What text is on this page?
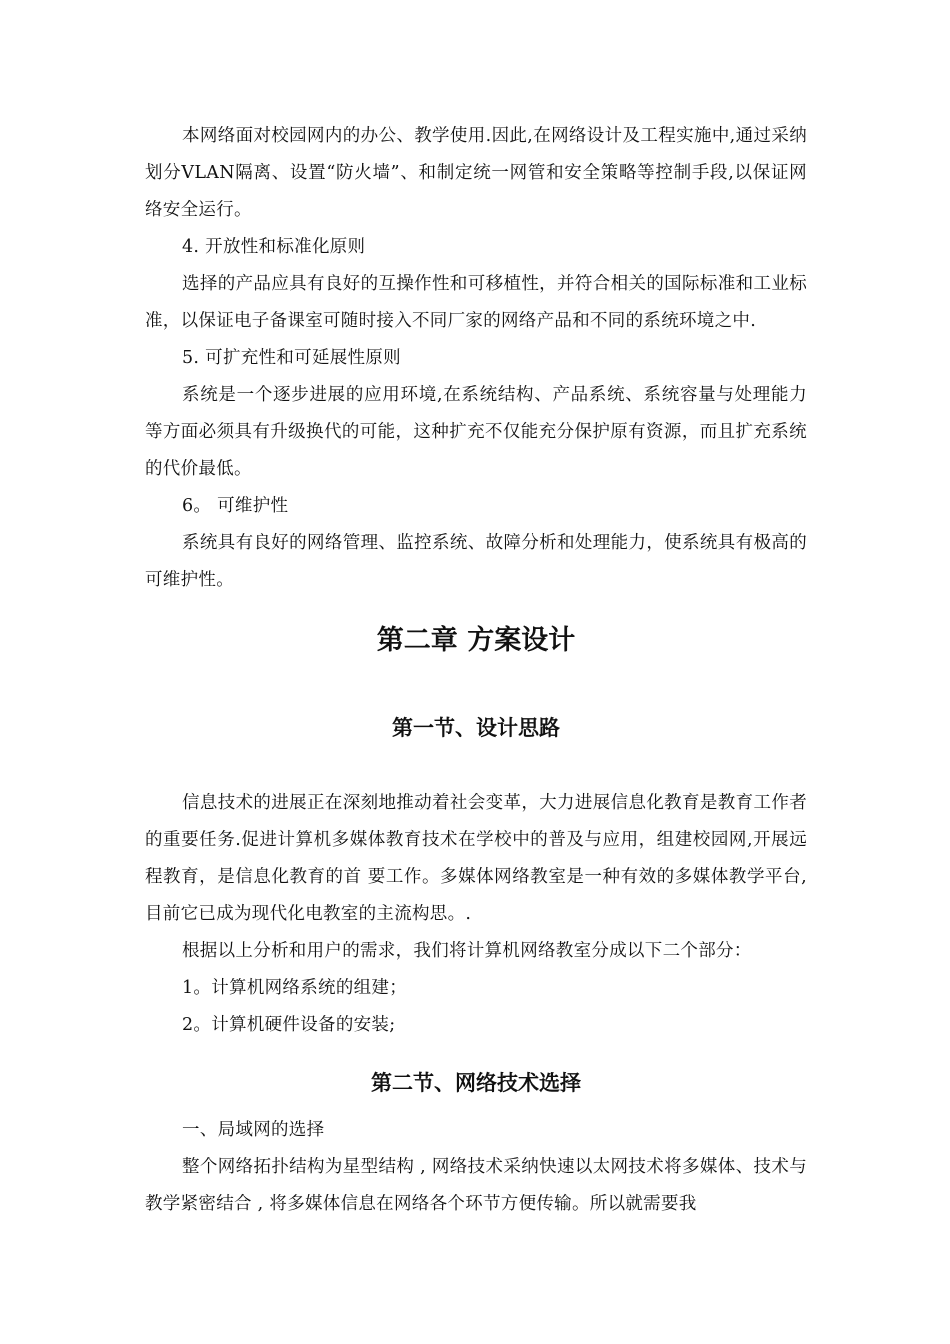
本网络面对校园网内的办公、教学使用.因此,在网络设计及工程实施中,通过采纳划分VLAN隔离、设置“防火墙”、和制定统一网管和安全策略等控制手段,以保证网络安全运行。

4. 开放性和标准化原则

选择的产品应具有良好的互操作性和可移植性，并符合相关的国际标准和工业标准，以保证电子备课室可随时接入不同厂家的网络产品和不同的系统环境之中.

5. 可扩充性和可延展性原则

系统是一个逐步进展的应用环境,在系统结构、产品系统、系统容量与处理能力等方面必须具有升级换代的可能，这种扩充不仅能充分保护原有资源，而且扩充系统的代价最低。

6。 可维护性

系统具有良好的网络管理、监控系统、故障分析和处理能力，使系统具有极高的可维护性。

第二章 方案设计
第一节、设计思路

信息技术的进展正在深刻地推动着社会变革，大力进展信息化教育是教育工作者的重要任务.促进计算机多媒体教育技术在学校中的普及与应用，组建校园网,开展远程教育，是信息化教育的首 要工作。多媒体网络教室是一种有效的多媒体教学平台,目前它已成为现代化电教室的主流构思。.

根据以上分析和用户的需求，我们将计算机网络教室分成以下二个部分：

1。计算机网络系统的组建；

2。计算机硬件设备的安装;

第二节、网络技术选择

一、局域网的选择

整个网络拓扑结构为星型结构 , 网络技术采纳快速以太网技术将多媒体、技术与教学紧密结合 , 将多媒体信息在网络各个环节方便传输。所以就需要我
